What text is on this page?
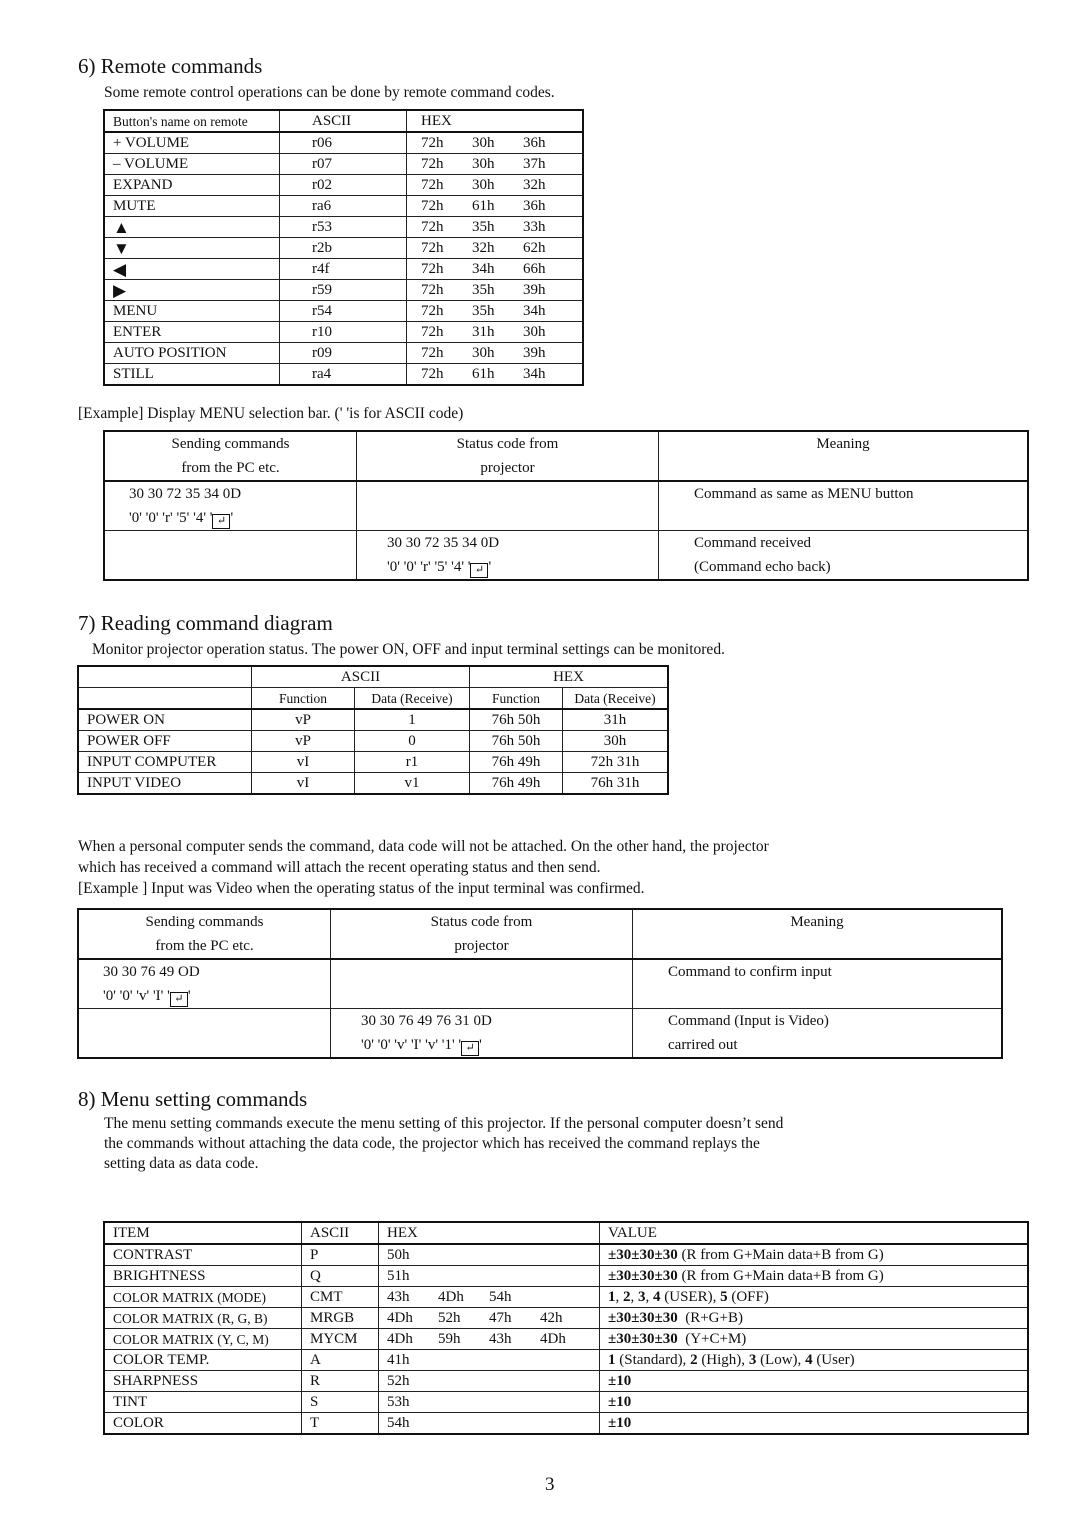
6) Remote commands

Some remote control operations can be done by remote command codes.

Button's name on remote	ASCII	HEX
+ VOLUME	r06	72h 30h 36h
– VOLUME	r07	72h 30h 37h
EXPAND	r02	72h 30h 32h
MUTE	ra6	72h 61h 36h
▲	r53	72h 35h 33h
▼	r2b	72h 32h 62h
◀	r4f	72h 34h 66h
▶	r59	72h 35h 39h
MENU	r54	72h 35h 34h
ENTER	r10	72h 31h 30h
AUTO POSITION	r09	72h 30h 39h
STILL	ra4	72h 61h 34h

[Example] Display MENU selection bar. (' 'is for ASCII code)

Sending commands	Status code from	Meaning
from the PC etc.	projector	
30 30 72 35 34 0D		Command as same as MENU button
'0' '0' 'r' '5' '4' ' ↵ '		
	30 30 72 35 34 0D	Command received
	'0' '0' 'r' '5' '4' ' ↵ '	(Command echo back)
7) Reading command diagram

Monitor projector operation status. The power ON, OFF and input terminal settings can be monitored.

	ASCII		HEX	
	Function	Data (Receive)	Function	Data (Receive)
POWER ON	vP	1	76h 50h	31h
POWER OFF	vP	0	76h 50h	30h
INPUT COMPUTER	vI	r1	76h 49h	72h 31h
INPUT VIDEO	vI	v1	76h 49h	76h 31h

When a personal computer sends the command, data code will not be attached. On the other hand, the projector

which has received a command will attach the recent operating status and then send.

[Example ] Input was Video when the operating status of the input terminal was confirmed.

Sending commands	Status code from	Meaning
from the PC etc.	projector	
30 30 76 49 OD		Command to confirm input
'0' '0' 'v' 'I' ' ↵ '		
	30 30 76 49 76 31 0D	Command (Input is Video)
	'0' '0' 'v' 'I' 'v' '1' ' ↵ '	carrired out
8) Menu setting commands

The menu setting commands execute the menu setting of this projector. If the personal computer doesn’t send

the commands without attaching the data code, the projector which has received the command replays the

setting data as data code.

ITEM	ASCII	HEX	VALUE
CONTRAST	P	50h	±30±30±30 (R from G+Main data+B from G)
BRIGHTNESS	Q	51h	±30±30±30 (R from G+Main data+B from G)
COLOR MATRIX (MODE)	CMT	43h 4Dh 54h	1, 2, 3, 4 (USER), 5 (OFF)
COLOR MATRIX (R, G, B)	MRGB	4Dh 52h 47h 42h	±30±30±30  (R+G+B)
COLOR MATRIX (Y, C, M)	MYCM	4Dh 59h 43h 4Dh	±30±30±30  (Y+C+M)
COLOR TEMP.	A	41h	1 (Standard), 2 (High), 3 (Low), 4 (User)
SHARPNESS	R	52h	±10
TINT	S	53h	±10
COLOR	T	54h	±10
3
